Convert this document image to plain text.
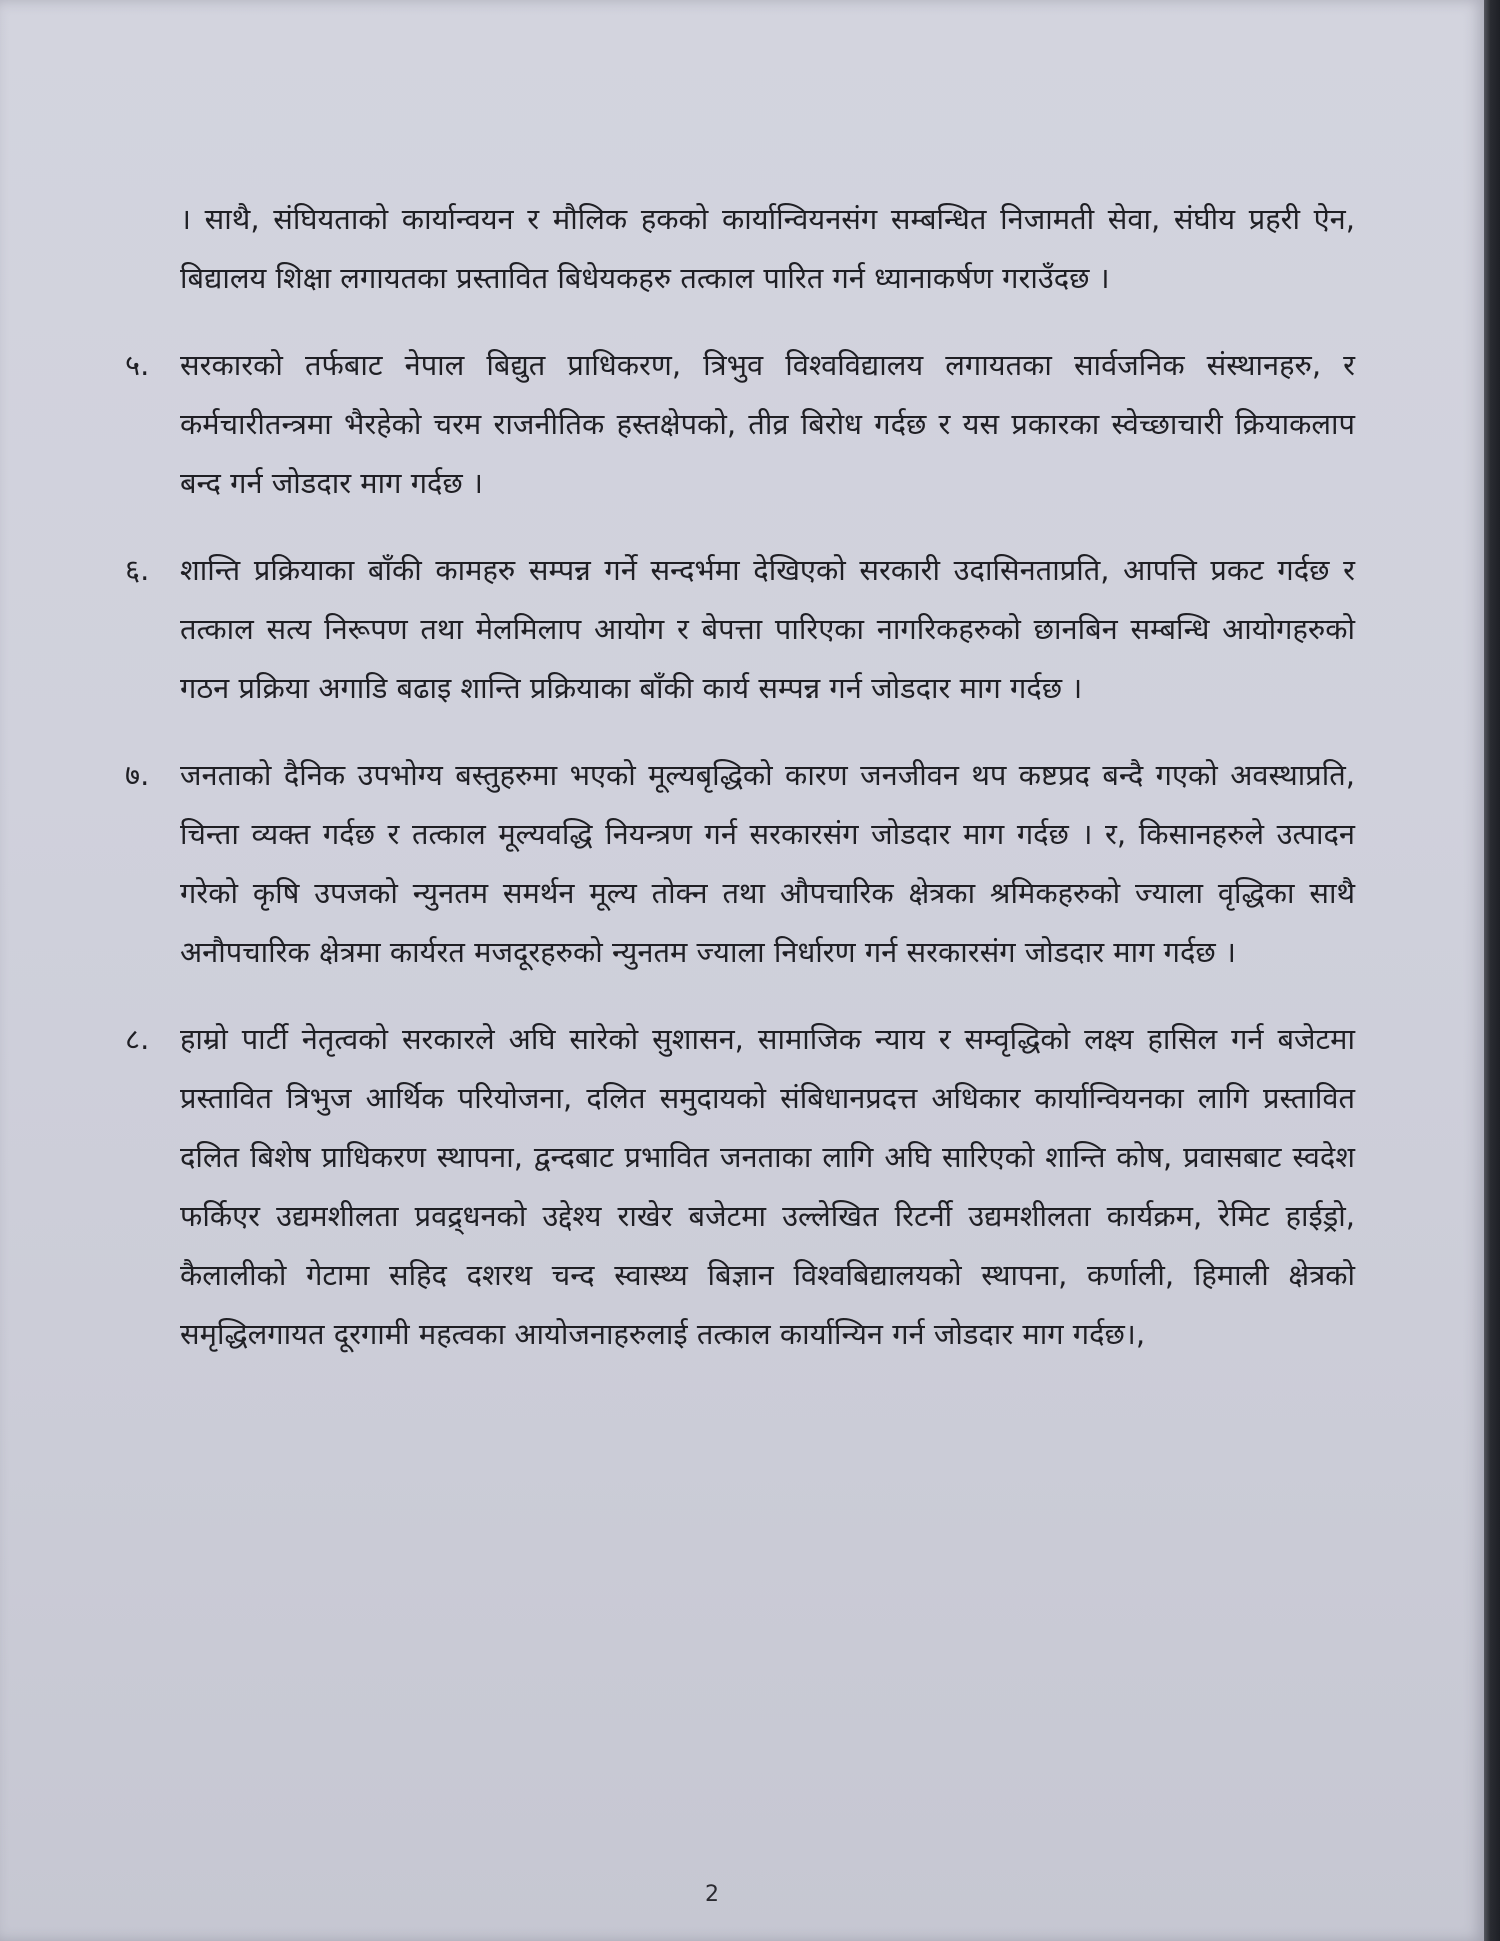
। साथै, संघियताको कार्यान्वयन र मौलिक हकको कार्यान्वियनसंग सम्बन्धित निजामती सेवा, संघीय प्रहरी ऐन, बिद्यालय शिक्षा लगायतका प्रस्तावित बिधेयकहरु तत्काल पारित गर्न ध्यानाकर्षण गराउँदछ ।

५. सरकारको तर्फबाट नेपाल बिद्युत प्राधिकरण, त्रिभुव विश्वविद्यालय लगायतका सार्वजनिक संस्थानहरु, र कर्मचारीतन्त्रमा भैरहेको चरम राजनीतिक हस्तक्षेपको, तीव्र बिरोध गर्दछ र यस प्रकारका स्वेच्छाचारी क्रियाकलाप बन्द गर्न जोडदार माग गर्दछ ।
६. शान्ति प्रक्रियाका बाँकी कामहरु सम्पन्न गर्ने सन्दर्भमा देखिएको सरकारी उदासिनताप्रति, आपत्ति प्रकट गर्दछ र तत्काल सत्य निरूपण तथा मेलमिलाप आयोग र बेपत्ता पारिएका नागरिकहरुको छानबिन सम्बन्धि आयोगहरुको गठन प्रक्रिया अगाडि बढाइ शान्ति प्रक्रियाका बाँकी कार्य सम्पन्न गर्न जोडदार माग गर्दछ ।
७. जनताको दैनिक उपभोग्य बस्तुहरुमा भएको मूल्यबृद्धिको कारण जनजीवन थप कष्टप्रद बन्दै गएको अवस्थाप्रति, चिन्ता व्यक्त गर्दछ र तत्काल मूल्यवद्धि नियन्त्रण गर्न सरकारसंग जोडदार माग गर्दछ । र, किसानहरुले उत्पादन गरेको कृषि उपजको न्युनतम समर्थन मूल्य तोक्न तथा औपचारिक क्षेत्रका श्रमिकहरुको ज्याला वृद्धिका साथै अनौपचारिक क्षेत्रमा कार्यरत मजदूरहरुको न्युनतम ज्याला निर्धारण गर्न सरकारसंग जोडदार माग गर्दछ ।
८. हाम्रो पार्टी नेतृत्वको सरकारले अघि सारेको सुशासन, सामाजिक न्याय र सम्वृद्धिको लक्ष्य हासिल गर्न बजेटमा प्रस्तावित त्रिभुज आर्थिक परियोजना, दलित समुदायको संबिधानप्रदत्त अधिकार कार्यान्वियनका लागि प्रस्तावित दलित बिशेष प्राधिकरण स्थापना, द्वन्दबाट प्रभावित जनताका लागि अघि सारिएको शान्ति कोष, प्रवासबाट स्वदेश फर्किएर उद्यमशीलता प्रवद्र्धनको उद्देश्य राखेर बजेटमा उल्लेखित रिटर्नी उद्यमशीलता कार्यक्रम, रेमिट हाईड्रो, कैलालीको गेटामा सहिद दशरथ चन्द स्वास्थ्य बिज्ञान विश्वबिद्यालयको स्थापना, कर्णाली, हिमाली क्षेत्रको समृद्धिलगायत दूरगामी महत्वका आयोजनाहरुलाई तत्काल कार्यान्यिन गर्न जोडदार माग गर्दछ।,
2
